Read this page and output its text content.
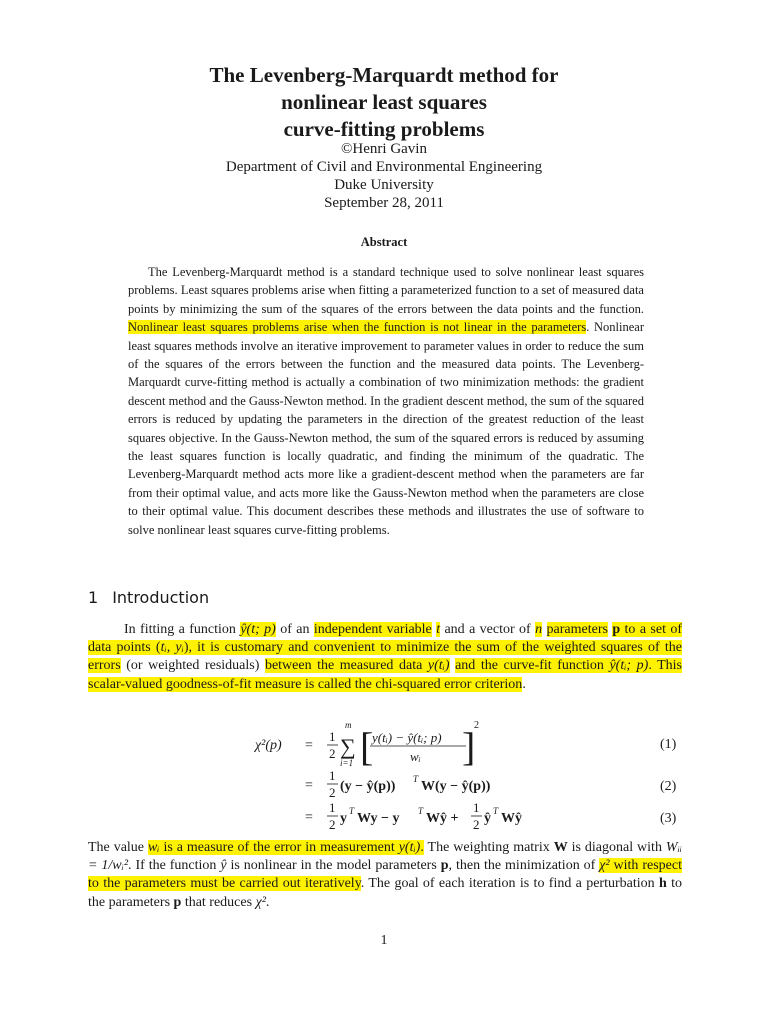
The Levenberg-Marquardt method for
nonlinear least squares
curve-fitting problems
©Henri Gavin
Department of Civil and Environmental Engineering
Duke University
September 28, 2011
Abstract

The Levenberg-Marquardt method is a standard technique used to solve nonlinear least squares problems. Least squares problems arise when fitting a parameterized function to a set of measured data points by minimizing the sum of the squares of the errors between the data points and the function. Nonlinear least squares problems arise when the function is not linear in the parameters. Nonlinear least squares methods involve an iterative improvement to parameter values in order to reduce the sum of the squares of the errors between the function and the measured data points. The Levenberg-Marquardt curve-fitting method is actually a combination of two minimization methods: the gradient descent method and the Gauss-Newton method. In the gradient descent method, the sum of the squared errors is reduced by updating the parameters in the direction of the greatest reduction of the least squares objective. In the Gauss-Newton method, the sum of the squared errors is reduced by assuming the least squares function is locally quadratic, and finding the minimum of the quadratic. The Levenberg-Marquardt method acts more like a gradient-descent method when the parameters are far from their optimal value, and acts more like the Gauss-Newton method when the parameters are close to their optimal value. This document describes these methods and illustrates the use of software to solve nonlinear least squares curve-fitting problems.

1 Introduction

In fitting a function ŷ(t; p) of an independent variable t and a vector of n parameters p to a set of data points (tᵢ, yᵢ), it is customary and convenient to minimize the sum of the weighted squares of the errors (or weighted residuals) between the measured data y(tᵢ) and the curve-fit function ŷ(tᵢ; p). This scalar-valued goodness-of-fit measure is called the chi-squared error criterion.

χ²(p) =
1
2
m
∑
i=1 [
y(tᵢ) − ŷ(tᵢ; p)
wᵢ ]
2
(1)
=
1
2 (y − ŷ(p)) T W(y − ŷ(p))	(2)
=
1
2 y T Wy − y T Wŷ +
1
2 ŷ T Wŷ	(3)

The value wᵢ is a measure of the error in measurement y(tᵢ). The weighting matrix W is diagonal with Wᵢᵢ = 1/wᵢ². If the function ŷ is nonlinear in the model parameters p, then the minimization of χ² with respect to the parameters must be carried out iteratively. The goal of each iteration is to find a perturbation h to the parameters p that reduces χ².

1
